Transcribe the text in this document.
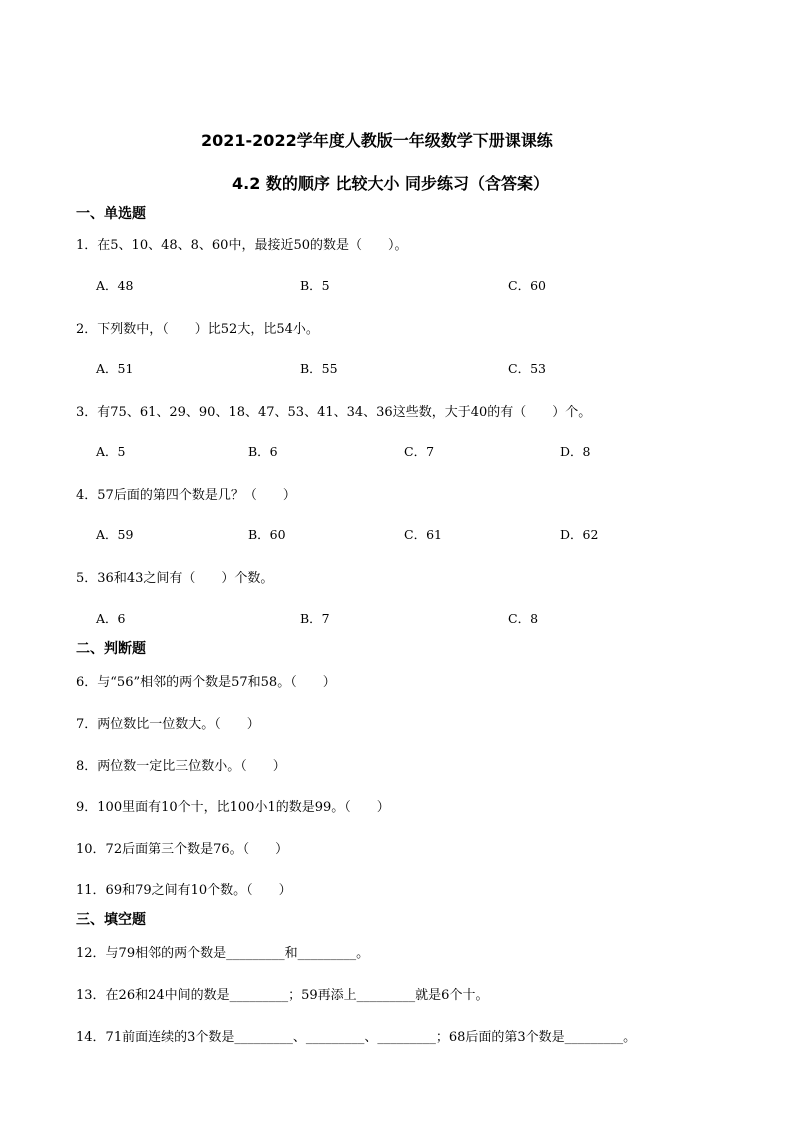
2021-2022学年度人教版一年级数学下册课课练
4.2 数的顺序 比较大小 同步练习（含答案）
一、单选题
1．在5、10、48、8、60中，最接近50的数是（　　）。
A．48	B．5	C．60
2．下列数中，（　　）比52大，比54小。
A．51	B．55	C．53
3．有75、61、29、90、18、47、53、41、34、36这些数，大于40的有（　　）个。
A．5	B．6	C．7	D．8
4．57后面的第四个数是几？（　　）
A．59	B．60	C．61	D．62
5．36和43之间有（　　）个数。
A．6	B．7	C．8
二、判断题
6．与“56”相邻的两个数是57和58。（　　）
7．两位数比一位数大。（　　）
8．两位数一定比三位数小。（　　）
9．100里面有10个十，比100小1的数是99。（　　）
10．72后面第三个数是76。（　　）
11．69和79之间有10个数。（　　）
三、填空题
12．与79相邻的两个数是_________和_________。
13．在26和24中间的数是_________；59再添上_________就是6个十。
14．71前面连续的3个数是_________、_________、_________；68后面的第3个数是_________。
